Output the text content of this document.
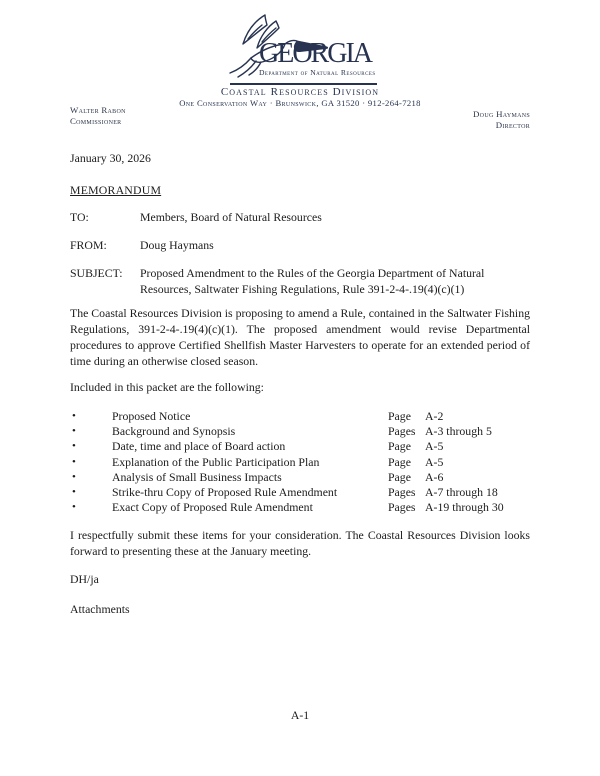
GEORGIA
Department of Natural Resources
Coastal Resources Division
One Conservation Way · Brunswick, GA 31520 · 912-264-7218
Walter Rabon
Commissioner
Doug Haymans
Director
January 30, 2026
MEMORANDUM
TO:	Members, Board of Natural Resources
FROM:	Doug Haymans
SUBJECT:	Proposed Amendment to the Rules of the Georgia Department of Natural Resources, Saltwater Fishing Regulations, Rule 391-2-4-.19(4)(c)(1)
The Coastal Resources Division is proposing to amend a Rule, contained in the Saltwater Fishing Regulations, 391-2-4-.19(4)(c)(1). The proposed amendment would revise Departmental procedures to approve Certified Shellfish Master Harvesters to operate for an extended period of time during an otherwise closed season.
Included in this packet are the following:
•	Proposed Notice	Page	A-2
•	Background and Synopsis	Pages A-3 through 5
•	Date, time and place of Board action	Page	A-5
•	Explanation of the Public Participation Plan	Page	A-5
•	Analysis of Small Business Impacts	Page	A-6
•	Strike-thru Copy of Proposed Rule Amendment	Pages A-7 through 18
•	Exact Copy of Proposed Rule Amendment	Pages A-19 through 30
I respectfully submit these items for your consideration. The Coastal Resources Division looks forward to presenting these at the January meeting.
DH/ja
Attachments
A-1
